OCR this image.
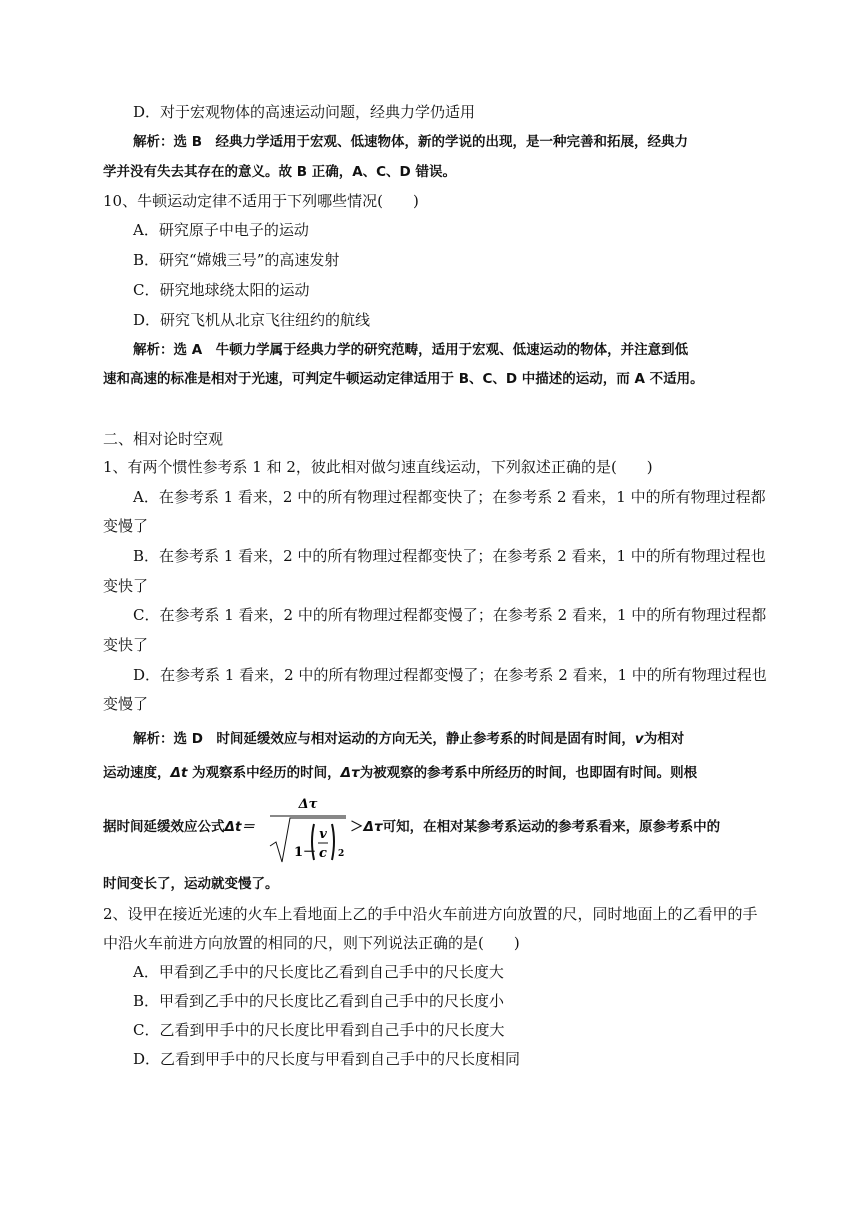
D．对于宏观物体的高速运动问题，经典力学仍适用
解析：选 B　经典力学适用于宏观、低速物体，新的学说的出现，是一种完善和拓展，经典力
学并没有失去其存在的意义。故 B 正确，A、C、D 错误。
10、牛顿运动定律不适用于下列哪些情况(　　)
A．研究原子中电子的运动
B．研究“嫦娥三号”的高速发射
C．研究地球绕太阳的运动
D．研究飞机从北京飞往纽约的航线
解析：选 A　牛顿力学属于经典力学的研究范畴，适用于宏观、低速运动的物体，并注意到低
速和高速的标准是相对于光速，可判定牛顿运动定律适用于 B、C、D 中描述的运动，而 A 不适用。
二、相对论时空观
1、有两个惯性参考系 1 和 2，彼此相对做匀速直线运动，下列叙述正确的是(　　)
A．在参考系 1 看来，2 中的所有物理过程都变快了；在参考系 2 看来，1 中的所有物理过程都
变慢了
B．在参考系 1 看来，2 中的所有物理过程都变快了；在参考系 2 看来，1 中的所有物理过程也
变快了
C．在参考系 1 看来，2 中的所有物理过程都变慢了；在参考系 2 看来，1 中的所有物理过程都
变快了
D．在参考系 1 看来，2 中的所有物理过程都变慢了；在参考系 2 看来，1 中的所有物理过程也
变慢了
解析：选 D　时间延缓效应与相对运动的方向无关，静止参考系的时间是固有时间，v为相对
运动速度，Δt 为观察系中经历的时间，Δτ为被观察的参考系中所经历的时间，也即固有时间。则根
据时间延缓效应公式Δt＝
Δτ
1－
v
c 2
＞Δτ可知，在相对某参考系运动的参考系看来，原参考系中的
时间变长了，运动就变慢了。
2、设甲在接近光速的火车上看地面上乙的手中沿火车前进方向放置的尺，同时地面上的乙看甲的手
中沿火车前进方向放置的相同的尺，则下列说法正确的是(　　)
A．甲看到乙手中的尺长度比乙看到自己手中的尺长度大
B．甲看到乙手中的尺长度比乙看到自己手中的尺长度小
C．乙看到甲手中的尺长度比甲看到自己手中的尺长度大
D．乙看到甲手中的尺长度与甲看到自己手中的尺长度相同
